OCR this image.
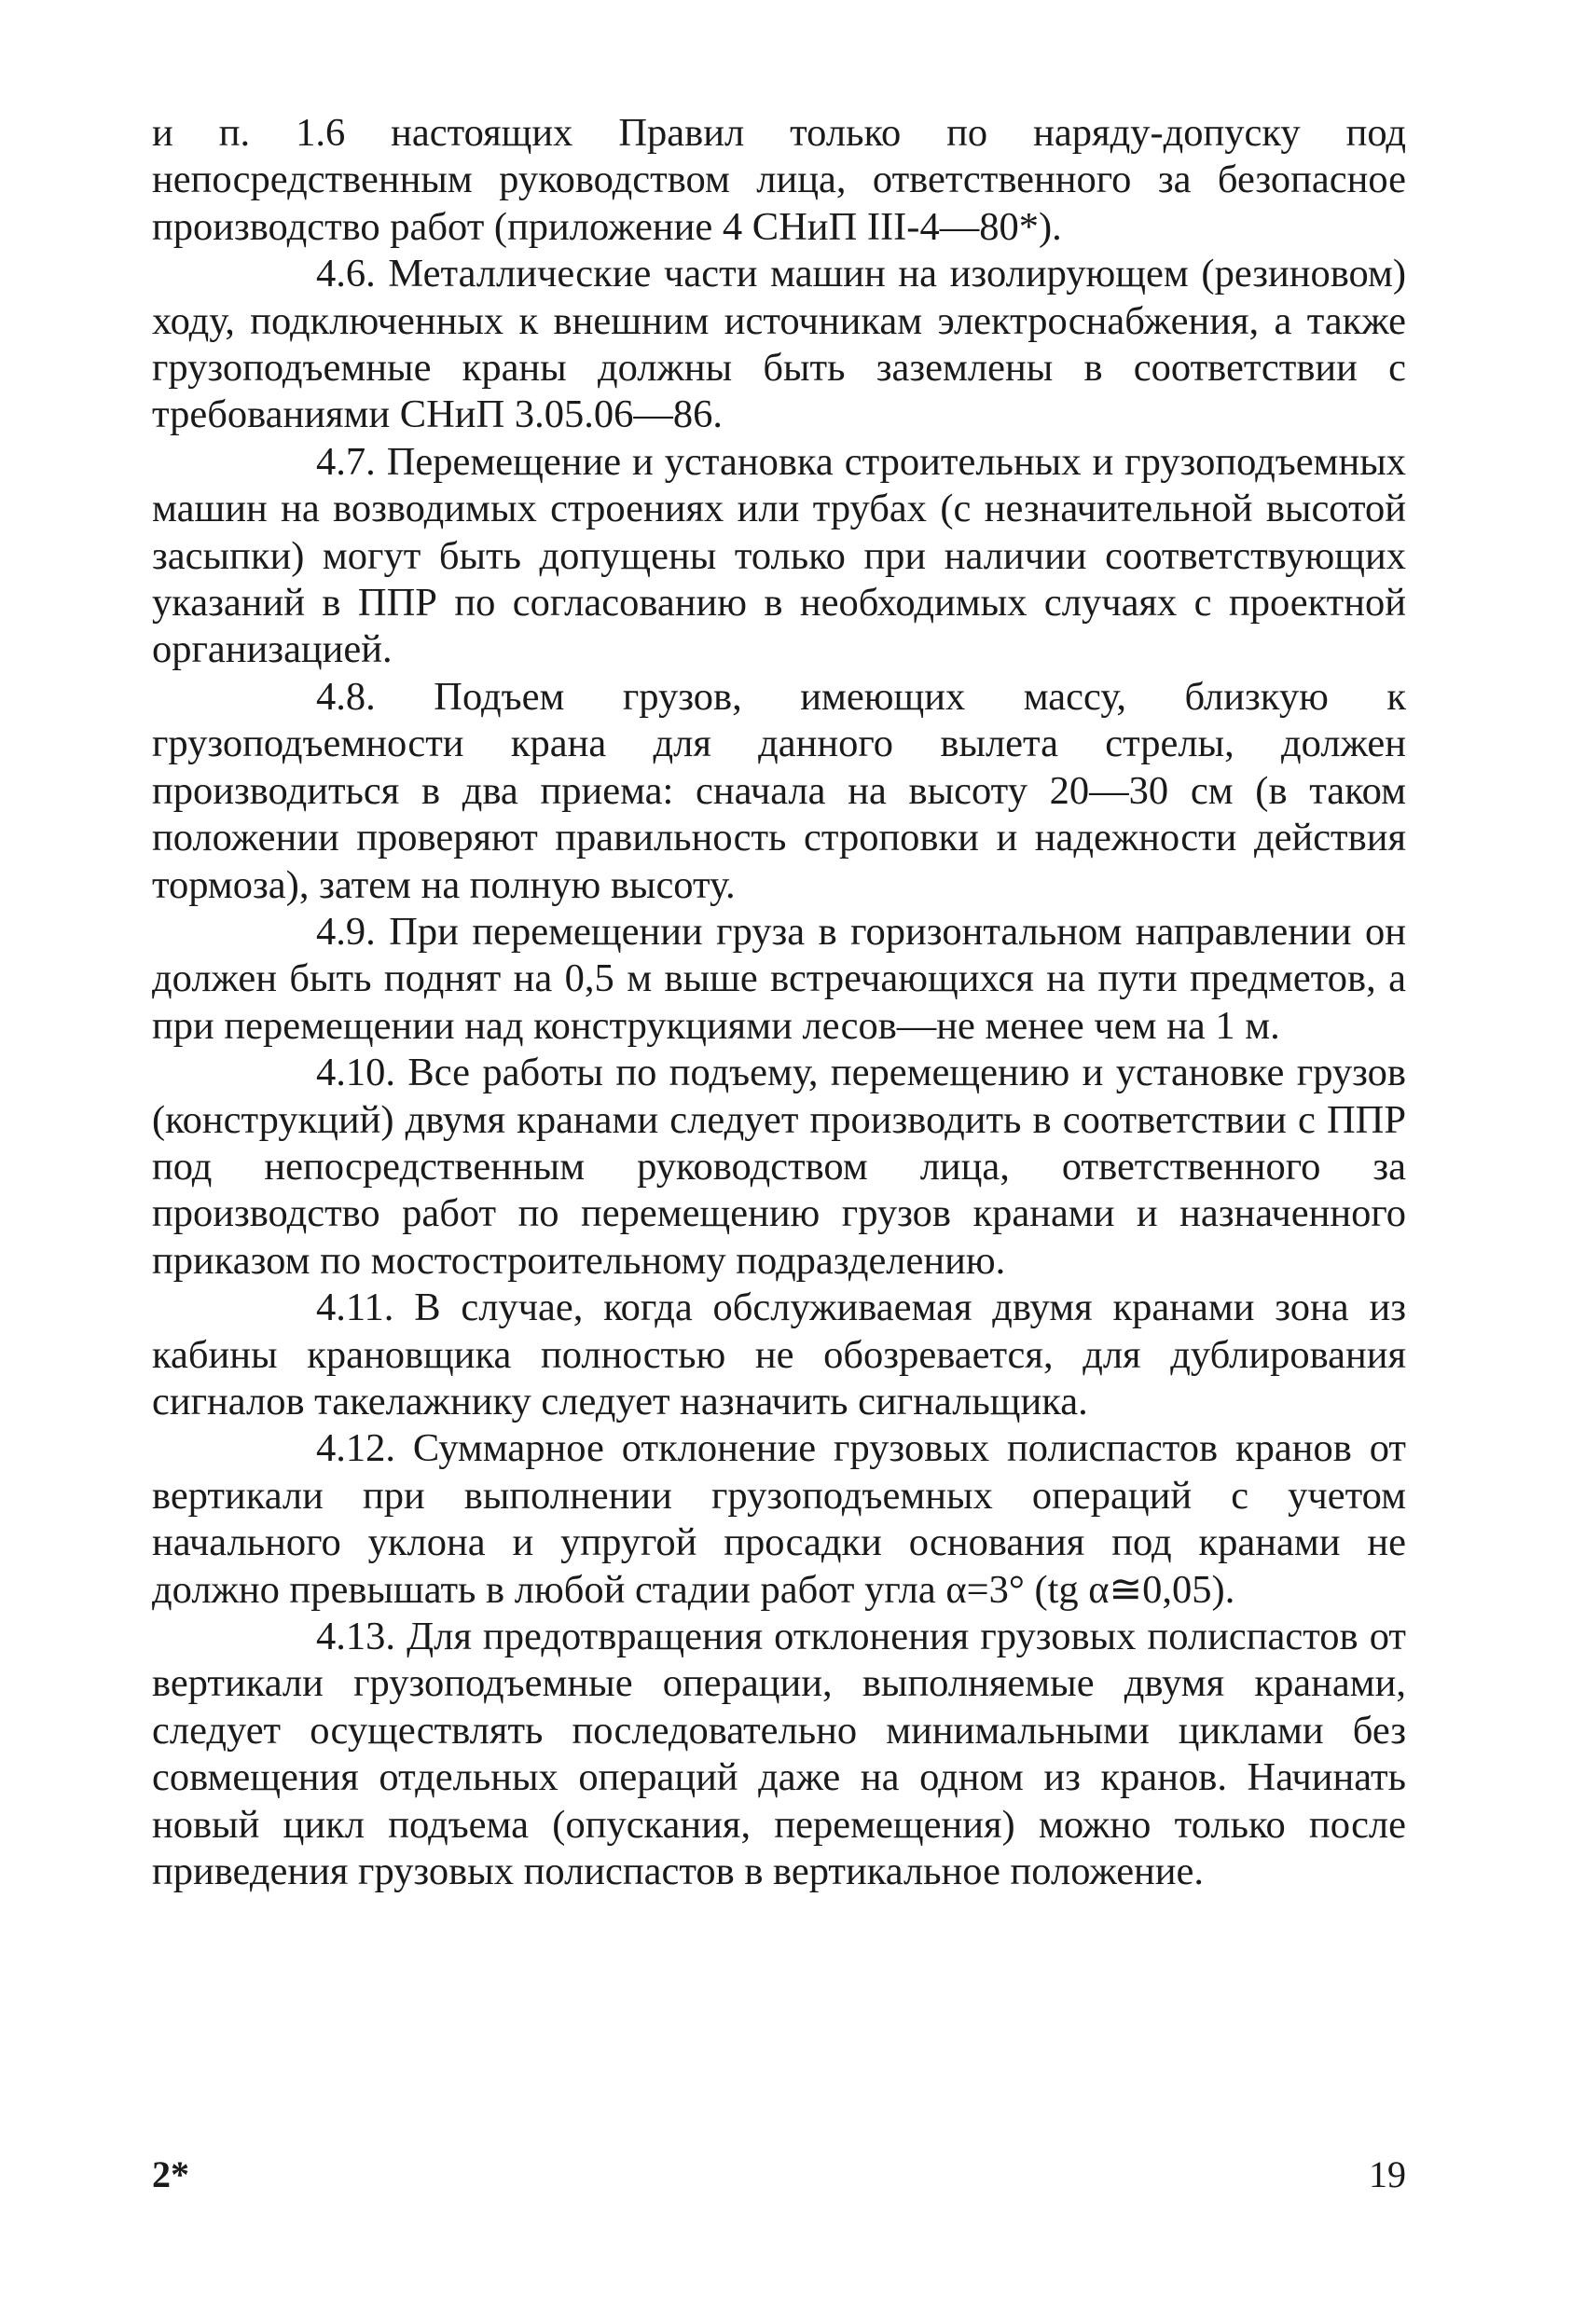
и п. 1.6 настоящих Правил только по наряду-допуску под непосредственным руководством лица, ответственного за безопасное производство работ (приложение 4 СНиП III-4—80*).

4.6. Металлические части машин на изолирующем (резиновом) ходу, подключенных к внешним источникам электроснабжения, а также грузоподъемные краны должны быть заземлены в соответствии с требованиями СНиП 3.05.06—86.

4.7. Перемещение и установка строительных и грузоподъемных машин на возводимых строениях или трубах (с незначительной высотой засыпки) могут быть допущены только при наличии соответствующих указаний в ППР по согласованию в необходимых случаях с проектной организацией.

4.8. Подъем грузов, имеющих массу, близкую к грузоподъемности крана для данного вылета стрелы, должен производиться в два приема: сначала на высоту 20—30 см (в таком положении проверяют правильность строповки и надежности действия тормоза), затем на полную высоту.

4.9. При перемещении груза в горизонтальном направлении он должен быть поднят на 0,5 м выше встречающихся на пути предметов, а при перемещении над конструкциями лесов—не менее чем на 1 м.

4.10. Все работы по подъему, перемещению и установке грузов (конструкций) двумя кранами следует производить в соответствии с ППР под непосредственным руководством лица, ответственного за производство работ по перемещению грузов кранами и назначенного приказом по мостостроительному подразделению.

4.11. В случае, когда обслуживаемая двумя кранами зона из кабины крановщика полностью не обозревается, для дублирования сигналов такелажнику следует назначить сигнальщика.

4.12. Суммарное отклонение грузовых полиспастов кранов от вертикали при выполнении грузоподъемных операций с учетом начального уклона и упругой просадки основания под кранами не должно превышать в любой стадии работ угла α=3° (tg α≅0,05).

4.13. Для предотвращения отклонения грузовых полиспастов от вертикали грузоподъемные операции, выполняемые двумя кранами, следует осуществлять последовательно минимальными циклами без совмещения отдельных операций даже на одном из кранов. Начинать новый цикл подъема (опускания, перемещения) можно только после приведения грузовых полиспастов в вертикальное положение.

2*	19
